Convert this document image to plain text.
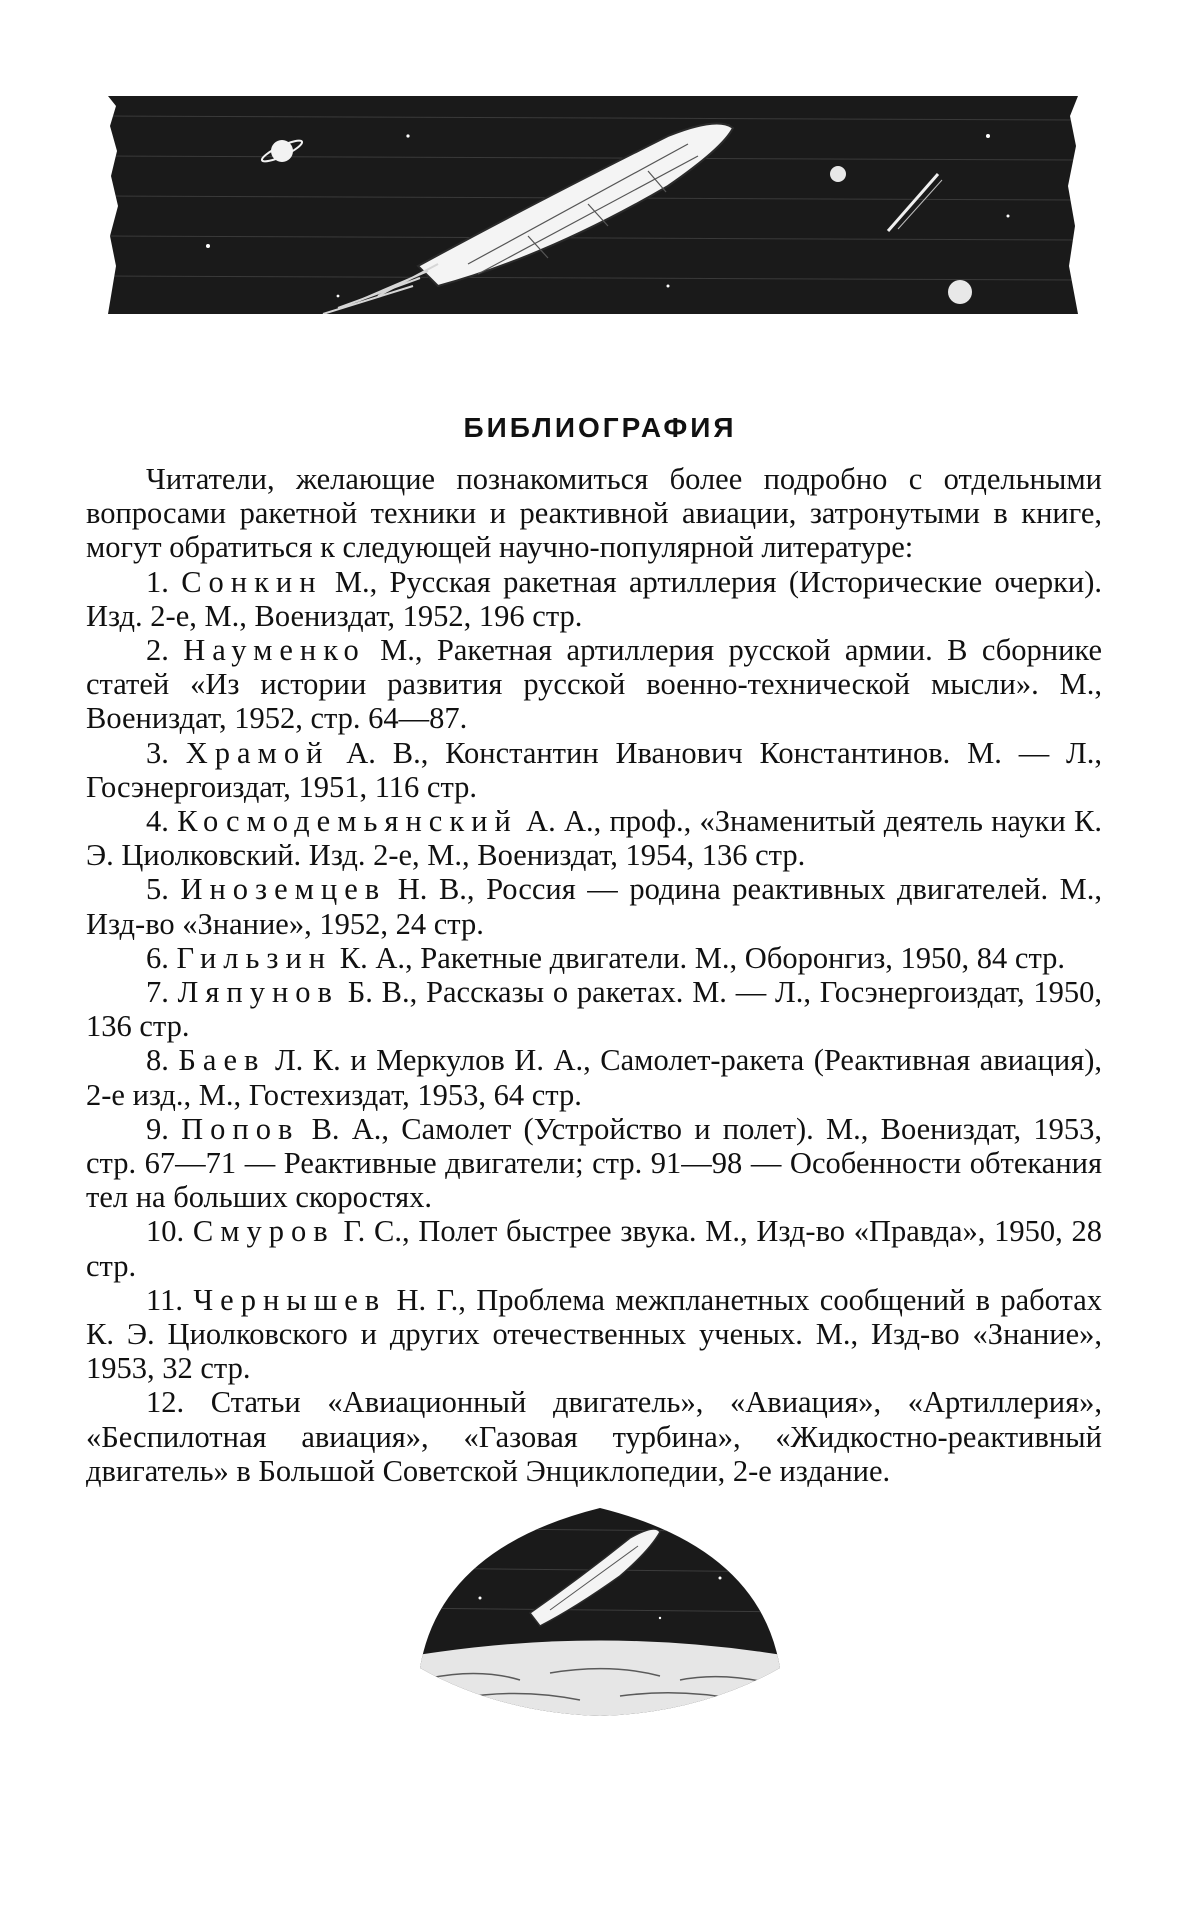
БИБЛИОГРАФИЯ

Читатели, желающие познакомиться более подробно с отдельными вопросами ракетной техники и реактивной авиации, затронутыми в книге, могут обратиться к следующей научно-популярной литературе:

1. Сонкин М., Русская ракетная артиллерия (Исторические очерки). Изд. 2-е, М., Воениздат, 1952, 196 стр.

2. Науменко М., Ракетная артиллерия русской армии. В сборнике статей «Из истории развития русской военно-технической мысли». М., Воениздат, 1952, стр. 64—87.

3. Храмой А. В., Константин Иванович Константинов. М. — Л., Госэнергоиздат, 1951, 116 стр.

4. Космодемьянский А. А., проф., «Знаменитый деятель науки К. Э. Циолковский. Изд. 2-е, М., Воениздат, 1954, 136 стр.

5. Иноземцев Н. В., Россия — родина реактивных двигателей. М., Изд-во «Знание», 1952, 24 стр.

6. Гильзин К. А., Ракетные двигатели. М., Оборонгиз, 1950, 84 стр.

7. Ляпунов Б. В., Рассказы о ракетах. М. — Л., Госэнергоиздат, 1950, 136 стр.

8. Баев Л. К. и Меркулов И. А., Самолет-ракета (Реактивная авиация), 2-е изд., М., Гостехиздат, 1953, 64 стр.

9. Попов В. А., Самолет (Устройство и полет). М., Воениздат, 1953, стр. 67—71 — Реактивные двигатели; стр. 91—98 — Особенности обтекания тел на больших скоростях.

10. Смуров Г. С., Полет быстрее звука. М., Изд-во «Правда», 1950, 28 стр.

11. Чернышев Н. Г., Проблема межпланетных сообщений в работах К. Э. Циолковского и других отечественных ученых. М., Изд-во «Знание», 1953, 32 стр.

12. Статьи «Авиационный двигатель», «Авиация», «Артиллерия», «Беспилотная авиация», «Газовая турбина», «Жидкостно-реактивный двигатель» в Большой Советской Энциклопедии, 2-е издание.
